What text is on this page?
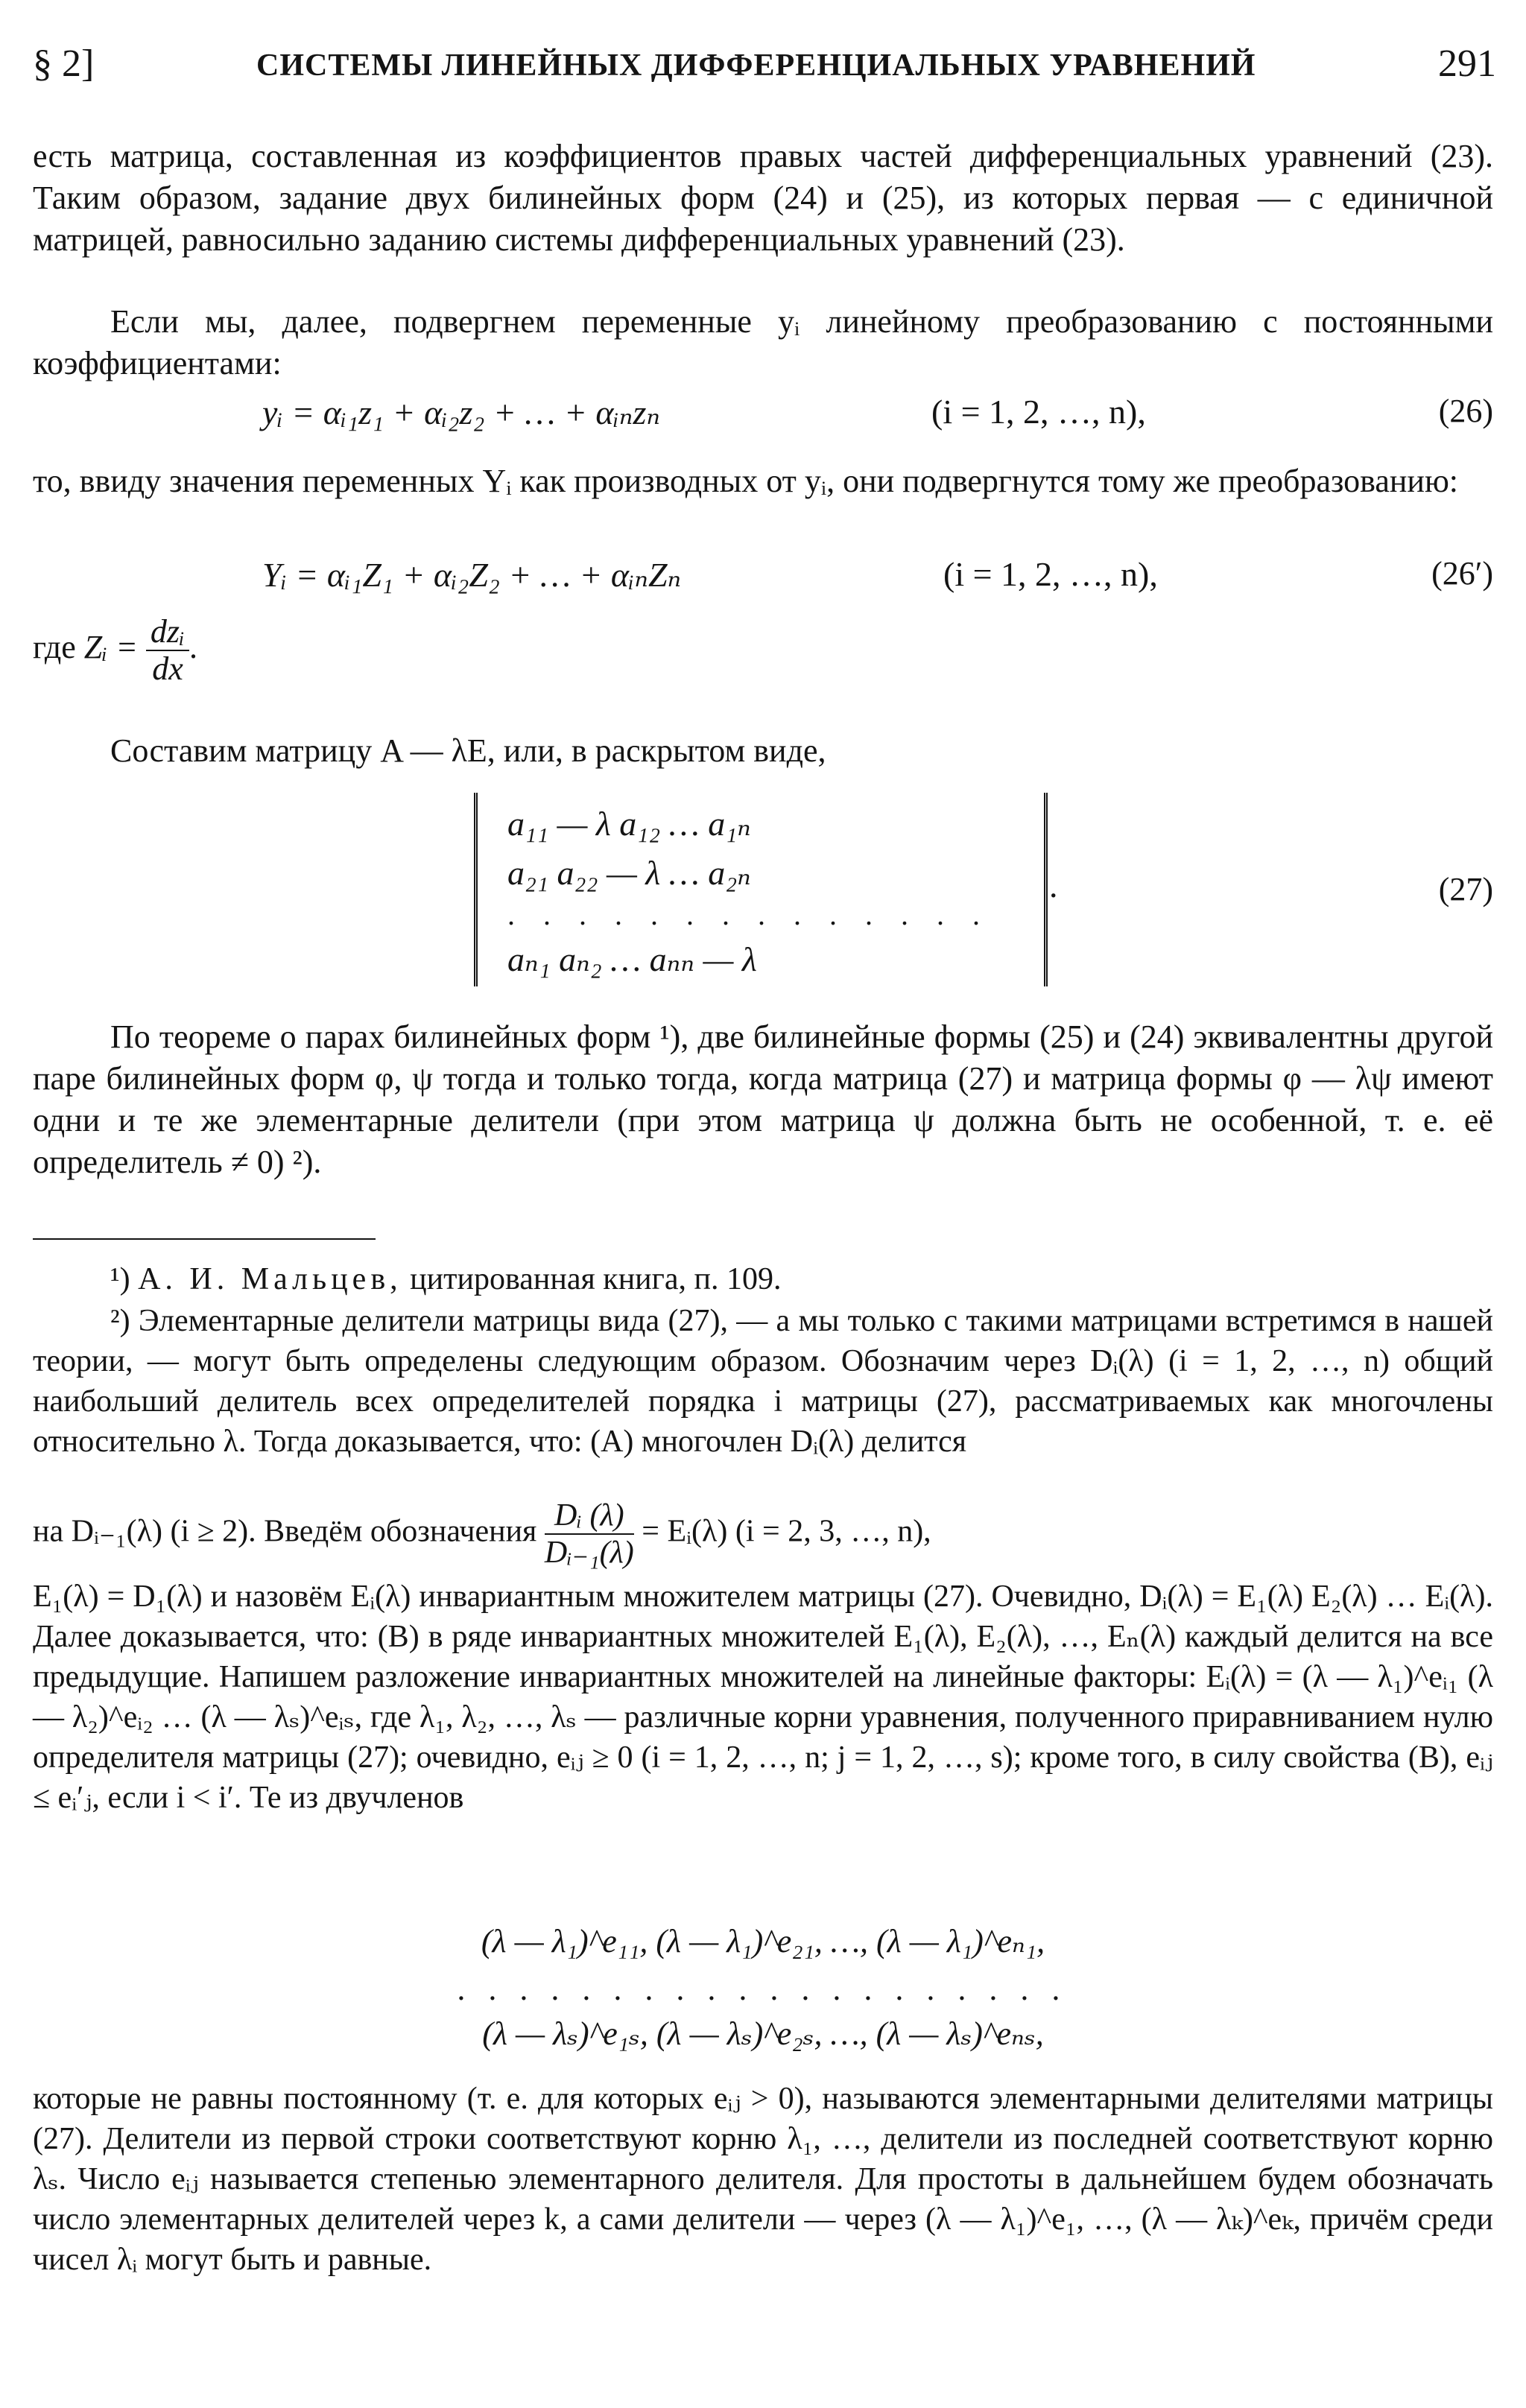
§ 2]	СИСТЕМЫ ЛИНЕЙНЫХ ДИФФЕРЕНЦИАЛЬНЫХ УРАВНЕНИЙ	291

есть матрица, составленная из коэффициентов правых частей дифференциальных уравнений (23). Таким образом, задание двух билинейных форм (24) и (25), из которых первая — с единичной матрицей, равносильно заданию системы дифференциальных уравнений (23).

Если мы, далее, подвергнем переменные yᵢ линейному преобразованию с постоянными коэффициентами:

yᵢ = αᵢ₁z₁ + αᵢ₂z₂ + … + αᵢₙzₙ	(i = 1, 2, …, n),	(26)

то, ввиду значения переменных Yᵢ как производных от yᵢ, они подвергнутся тому же преобразованию:

Yᵢ = αᵢ₁Z₁ + αᵢ₂Z₂ + … + αᵢₙZₙ	(i = 1, 2, …, n),	(26′)
где Zᵢ = $\frac{\text{dzᵢ}}{dx}$ .

Составим матрицу A — λE, или, в раскрытом виде,

a₁₁ — λ a₁₂ … a₁ₙ
a₂₁ a₂₂ — λ … a₂ₙ
. . . . . . . . . . . . . .
aₙ₁ aₙ₂ … aₙₙ — λ
.	(27)

По теореме о парах билинейных форм ¹), две билинейные формы (25) и (24) эквивалентны другой паре билинейных форм φ, ψ тогда и только тогда, когда матрица (27) и матрица формы φ — λψ имеют одни и те же элементарные делители (при этом матрица ψ должна быть не особенной, т. е. её определитель ≠ 0) ²).

¹) А. И. Мальцев, цитированная книга, п. 109.

²) Элементарные делители матрицы вида (27), — а мы только с такими матрицами встретимся в нашей теории, — могут быть определены следующим образом. Обозначим через Dᵢ(λ) (i = 1, 2, …, n) общий наибольший делитель всех определителей порядка i матрицы (27), рассматриваемых как многочлены относительно λ. Тогда доказывается, что: (А) многочлен Dᵢ(λ) делится

на Dᵢ₋₁(λ) (i ≥ 2). Введём обозначения $\frac{\text{Dᵢ (λ)}}{\text{Dᵢ₋₁(λ)}}$ = Eᵢ(λ) (i = 2, 3, …, n),

E₁(λ) = D₁(λ) и назовём Eᵢ(λ) инвариантным множителем матрицы (27). Очевидно, Dᵢ(λ) = E₁(λ) E₂(λ) … Eᵢ(λ). Далее доказывается, что: (В) в ряде инвариантных множителей E₁(λ), E₂(λ), …, Eₙ(λ) каждый делится на все предыдущие. Напишем разложение инвариантных множителей на линейные факторы: Eᵢ(λ) = (λ — λ₁)^eᵢ₁ (λ — λ₂)^eᵢ₂ … (λ — λₛ)^eᵢₛ, где λ₁, λ₂, …, λₛ — различные корни уравнения, полученного приравниванием нулю определителя матрицы (27); очевидно, eᵢⱼ ≥ 0 (i = 1, 2, …, n; j = 1, 2, …, s); кроме того, в силу свойства (В), eᵢⱼ ≤ eᵢ′ⱼ, если i < i′. Те из двучленов

(λ — λ₁)^e₁₁, (λ — λ₁)^e₂₁, …, (λ — λ₁)^eₙ₁,
. . . . . . . . . . . . . . . . . . . .
(λ — λₛ)^e₁ₛ, (λ — λₛ)^e₂ₛ, …, (λ — λₛ)^eₙₛ,

которые не равны постоянному (т. е. для которых eᵢⱼ > 0), называются элементарными делителями матрицы (27). Делители из первой строки соответствуют корню λ₁, …, делители из последней соответствуют корню λₛ. Число eᵢⱼ называется степенью элементарного делителя. Для простоты в дальнейшем будем обозначать число элементарных делителей через k, а сами делители — через (λ — λ₁)^e₁, …, (λ — λₖ)^eₖ, причём среди чисел λᵢ могут быть и равные.
